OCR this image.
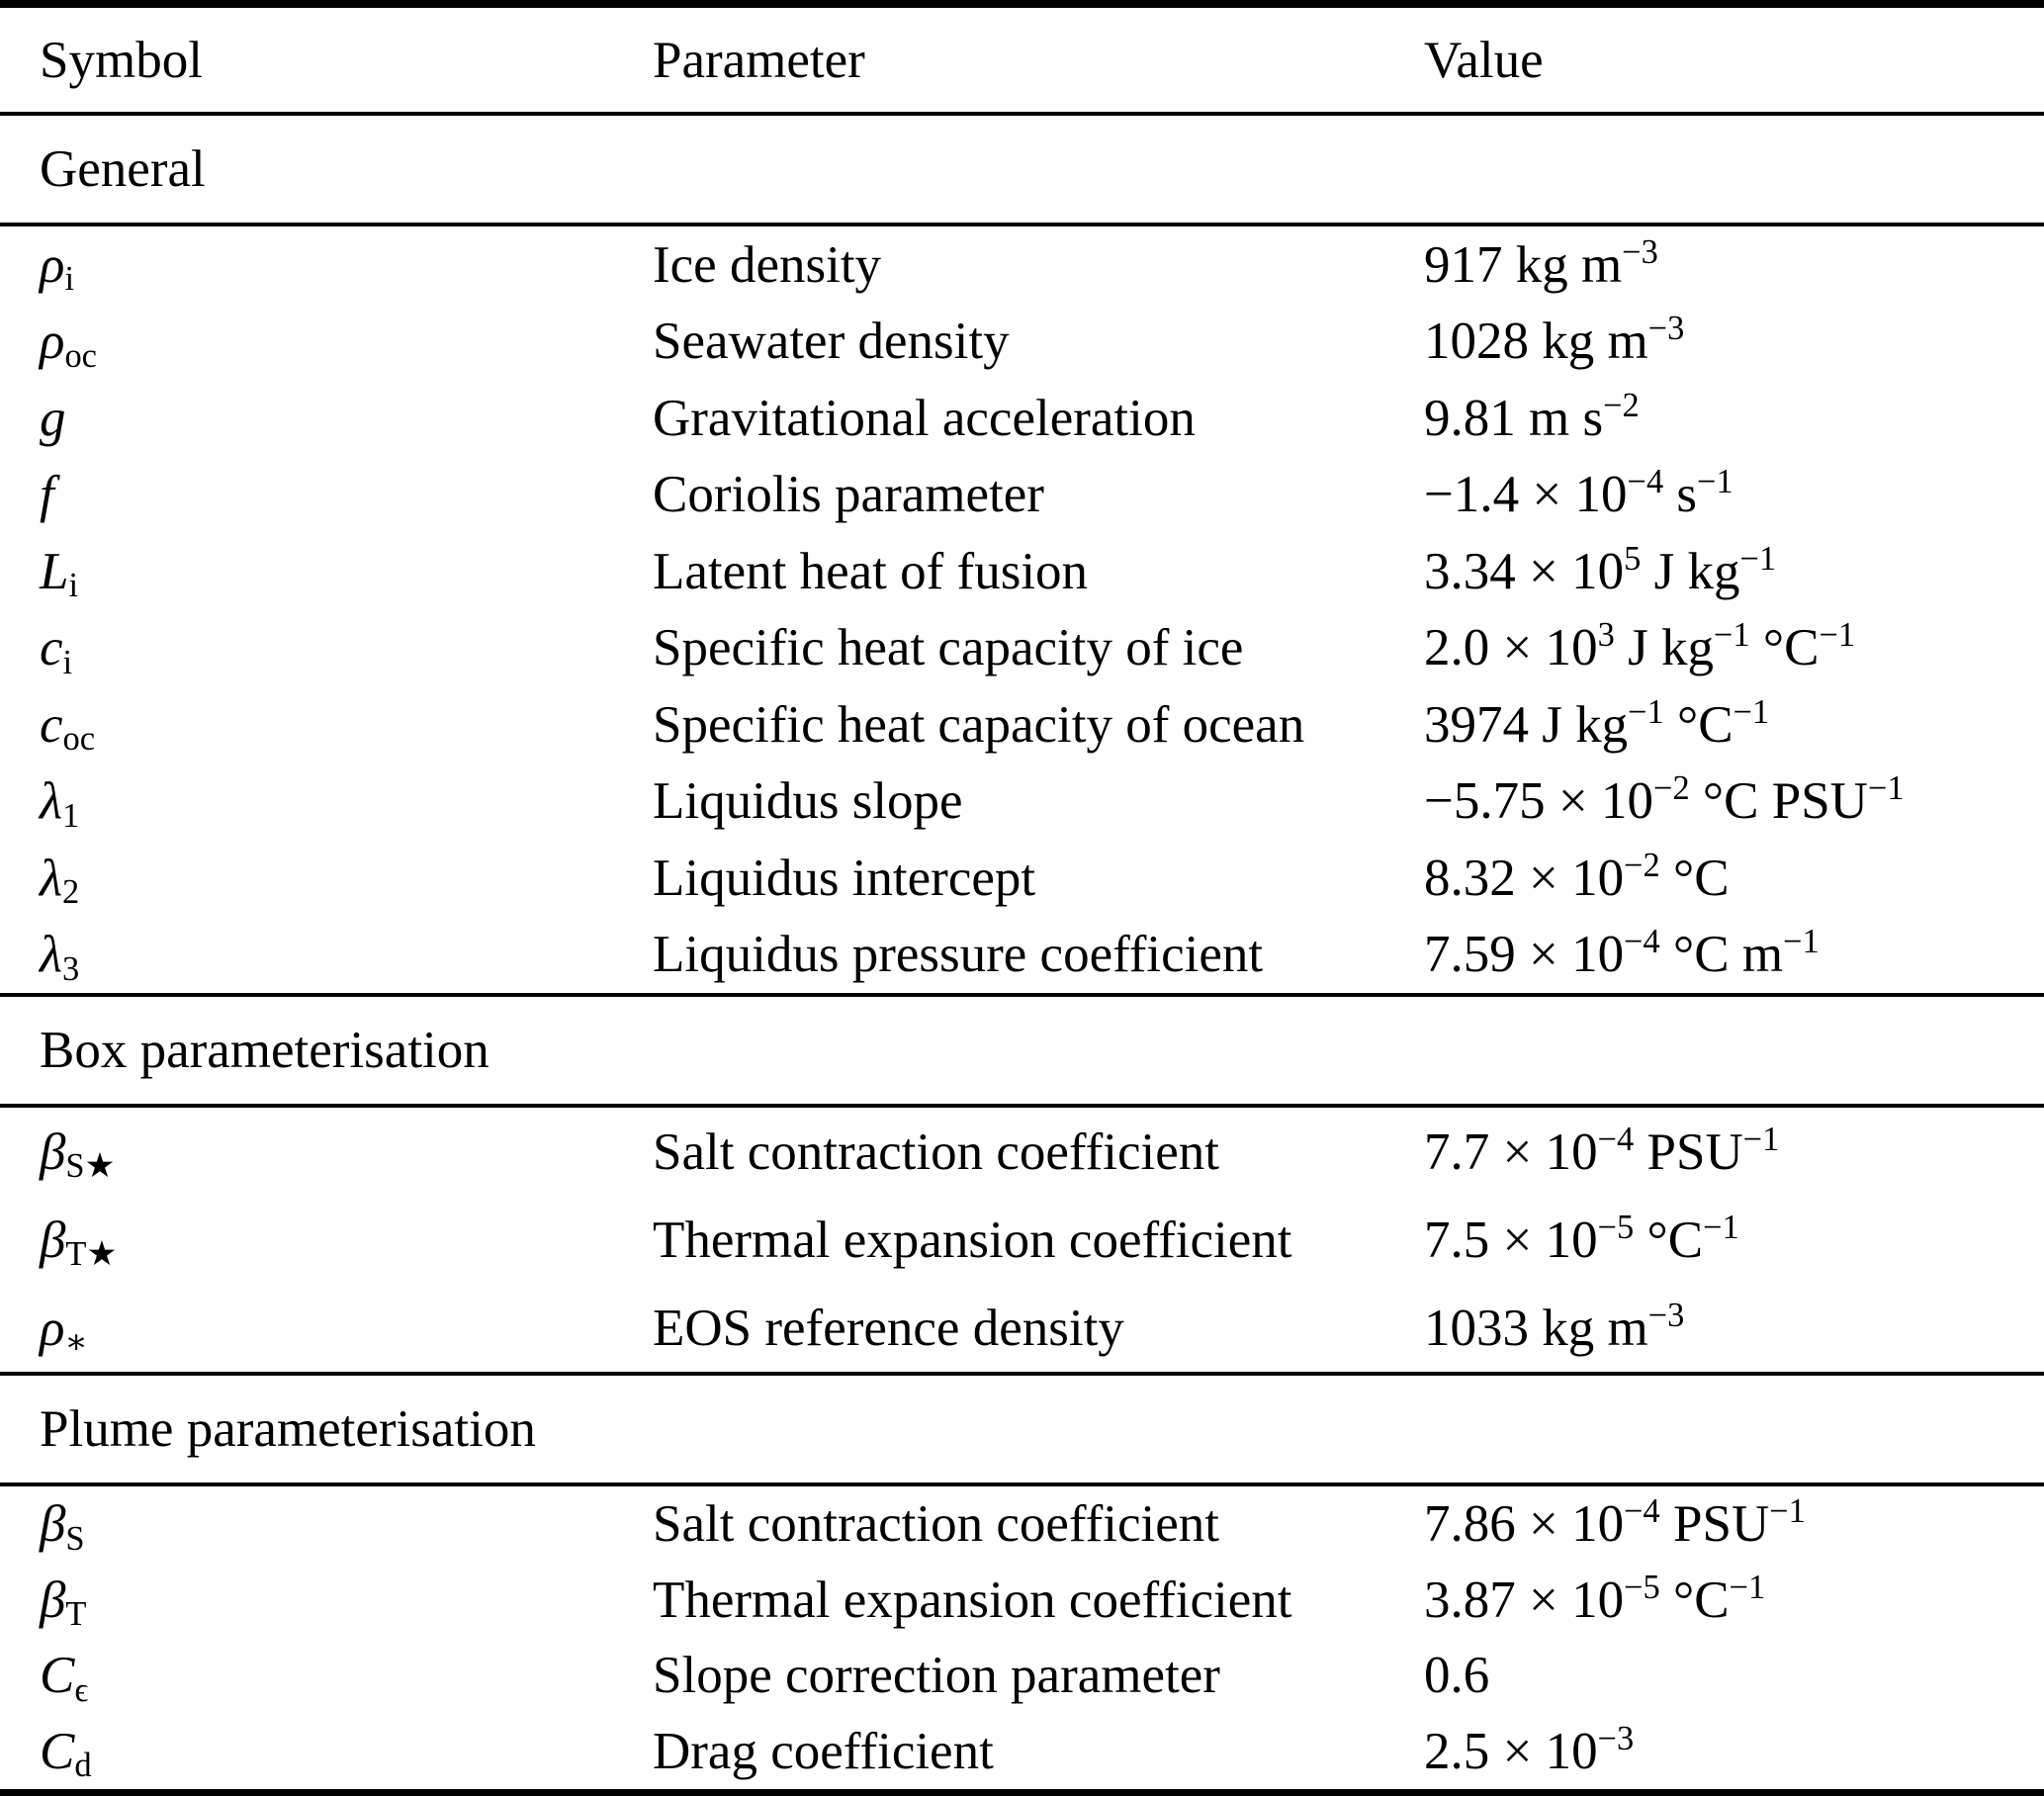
Symbol	Parameter	Value
General
$\rho_i$	Ice density	917 kg $m^{-3}$
$\rho_{oc}$	Seawater density	1028 kg $m^{-3}$
g	Gravitational acceleration	9.81 m $s^{-2}$
f	Coriolis parameter	$-1.4 \times 10^{-4}$ $s^{-1}$
$L_i$	Latent heat of fusion	$3.34 \times 10^5$ J $kg^{-1}$
$c_i$	Specific heat capacity of ice	$2.0 \times 10^3$ J $kg^{-1}$ $^\circ C^{-1}$
$c_{oc}$	Specific heat capacity of ocean	3974 J $kg^{-1}$ $^\circ C^{-1}$
$\lambda_1$	Liquidus slope	$-5.75 \times 10^{-2}$ °C $PSU^{-1}$
$\lambda_2$	Liquidus intercept	$8.32 \times 10^{-2}$ °C
$\lambda_3$	Liquidus pressure coefficient	$7.59 \times 10^{-4}$ °C $m^{-1}$
Box parameterisation
$\beta_{S★}$	Salt contraction coefficient	$7.7 \times 10^{-4}$ $PSU^{-1}$
$\beta_{T★}$	Thermal expansion coefficient	$7.5 \times 10^{-5}$ $^\circ C^{-1}$
$\rho_∗$	EOS reference density	1033 kg $m^{-3}$
Plume parameterisation
$\beta_S$	Salt contraction coefficient	$7.86 \times 10^{-4}$ $PSU^{-1}$
$\beta_T$	Thermal expansion coefficient	$3.87 \times 10^{-5}$ $^\circ C^{-1}$
$C_\epsilon$	Slope correction parameter	0.6
$C_d$	Drag coefficient	$2.5 \times 10^{-3}$
